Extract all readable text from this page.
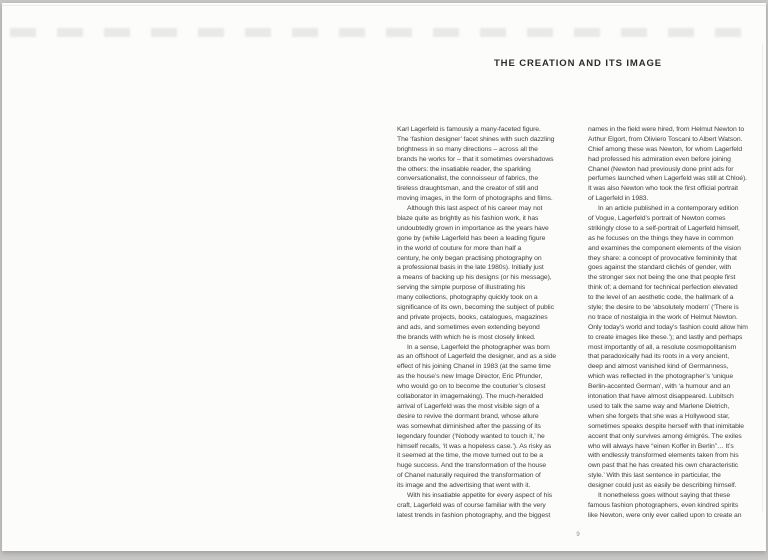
THE CREATION AND ITS IMAGE
Karl Lagerfeld is famously a many-faceted figure.
The ‘fashion designer’ facet shines with such dazzling
brightness in so many directions – across all the
brands he works for – that it sometimes overshadows
the others: the insatiable reader, the sparkling
conversationalist, the connoisseur of fabrics, the
tireless draughtsman, and the creator of still and
moving images, in the form of photographs and films.
Although this last aspect of his career may not
blaze quite as brightly as his fashion work, it has
undoubtedly grown in importance as the years have
gone by (while Lagerfeld has been a leading figure
in the world of couture for more than half a
century, he only began practising photography on
a professional basis in the late 1980s). Initially just
a means of backing up his designs (or his message),
serving the simple purpose of illustrating his
many collections, photography quickly took on a
significance of its own, becoming the subject of public
and private projects, books, catalogues, magazines
and ads, and sometimes even extending beyond
the brands with which he is most closely linked.
In a sense, Lagerfeld the photographer was born
as an offshoot of Lagerfeld the designer, and as a side
effect of his joining Chanel in 1983 (at the same time
as the house’s new Image Director, Eric Pfrunder,
who would go on to become the couturier’s closest
collaborator in imagemaking). The much-heralded
arrival of Lagerfeld was the most visible sign of a
desire to revive the dormant brand, whose allure
was somewhat diminished after the passing of its
legendary founder (‘Nobody wanted to touch it,’ he
himself recalls, ‘it was a hopeless case.’). As risky as
it seemed at the time, the move turned out to be a
huge success. And the transformation of the house
of Chanel naturally required the transformation of
its image and the advertising that went with it.
With his insatiable appetite for every aspect of his
craft, Lagerfeld was of course familiar with the very
latest trends in fashion photography, and the biggest
names in the field were hired, from Helmut Newton to
Arthur Elgort, from Oliviero Toscani to Albert Watson.
Chief among these was Newton, for whom Lagerfeld
had professed his admiration even before joining
Chanel (Newton had previously done print ads for
perfumes launched when Lagerfeld was still at Chloé).
It was also Newton who took the first official portrait
of Lagerfeld in 1983.
In an article published in a contemporary edition
of Vogue, Lagerfeld’s portrait of Newton comes
strikingly close to a self-portrait of Lagerfeld himself,
as he focuses on the things they have in common
and examines the component elements of the vision
they share: a concept of provocative femininity that
goes against the standard clichés of gender, with
the stronger sex not being the one that people first
think of; a demand for technical perfection elevated
to the level of an aesthetic code, the hallmark of a
style; the desire to be ‘absolutely modern’ (‘There is
no trace of nostalgia in the work of Helmut Newton.
Only today’s world and today’s fashion could allow him
to create images like these.’); and lastly and perhaps
most importantly of all, a resolute cosmopolitanism
that paradoxically had its roots in a very ancient,
deep and almost vanished kind of Germanness,
which was reflected in the photographer’s ‘unique
Berlin-accented German’, with ‘a humour and an
intonation that have almost disappeared. Lubitsch
used to talk the same way and Marlene Dietrich,
when she forgets that she was a Hollywood star,
sometimes speaks despite herself with that inimitable
accent that only survives among émigrés. The exiles
who will always have “einen Koffer in Berlin”… It’s
with endlessly transformed elements taken from his
own past that he has created his own characteristic
style.’ With this last sentence in particular, the
designer could just as easily be describing himself.
It nonetheless goes without saying that these
famous fashion photographers, even kindred spirits
like Newton, were only ever called upon to create an
9
